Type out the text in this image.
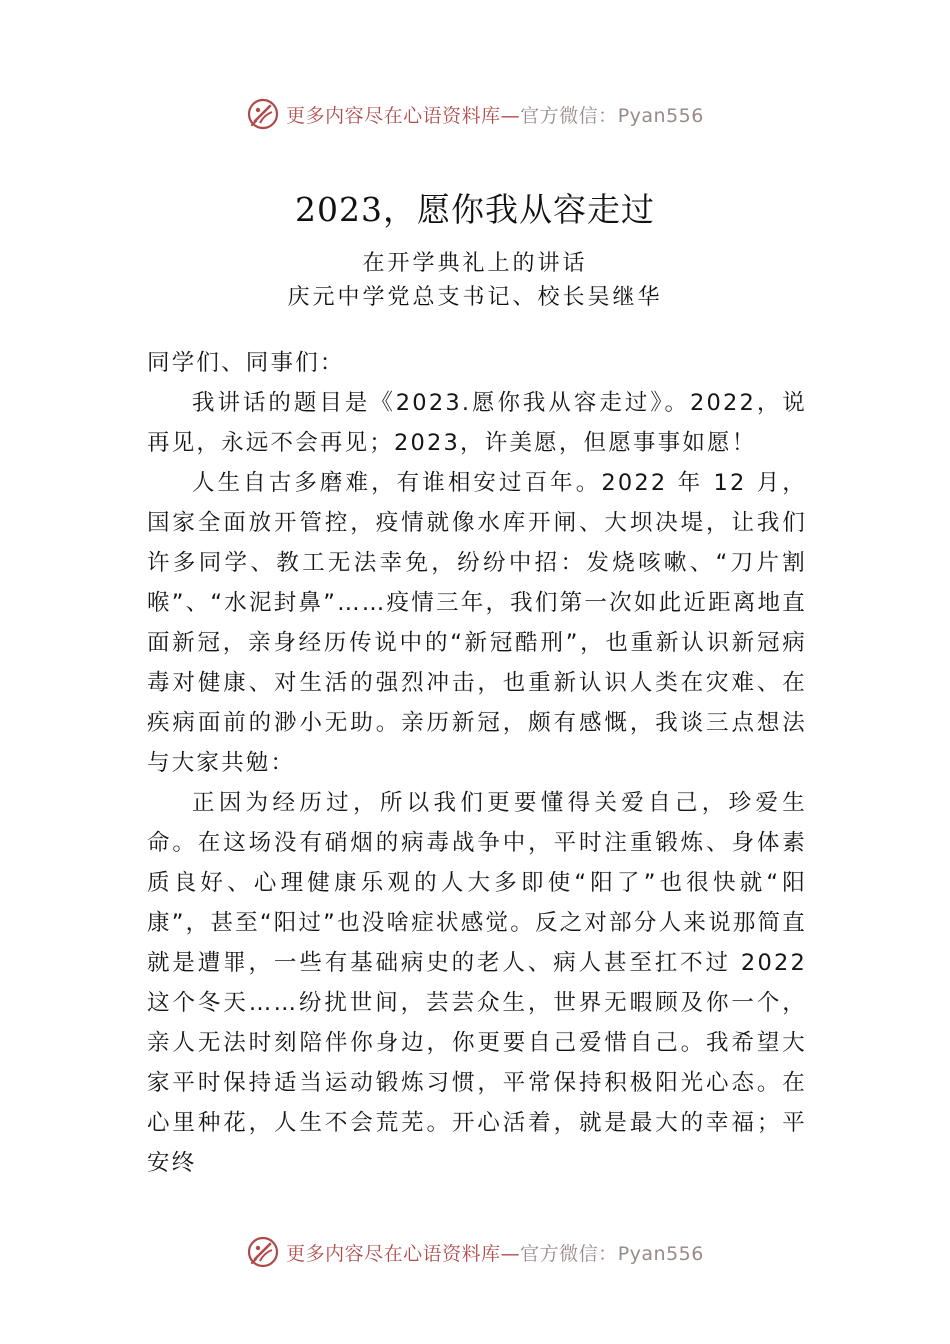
更多内容尽在心语资料库—官方微信：Pyan556
2023，愿你我从容走过
在开学典礼上的讲话
庆元中学党总支书记、校长吴继华

同学们、同事们：

我讲话的题目是《2023.愿你我从容走过》。2022，说再见，永远不会再见；2023，许美愿，但愿事事如愿！

人生自古多磨难，有谁相安过百年。2022 年 12 月，国家全面放开管控，疫情就像水库开闸、大坝决堤，让我们许多同学、教工无法幸免，纷纷中招：发烧咳嗽、“刀片割喉”、“水泥封鼻”……疫情三年，我们第一次如此近距离地直面新冠，亲身经历传说中的“新冠酷刑”，也重新认识新冠病毒对健康、对生活的强烈冲击，也重新认识人类在灾难、在疾病面前的渺小无助。亲历新冠，颇有感慨，我谈三点想法与大家共勉：

正因为经历过，所以我们更要懂得关爱自己，珍爱生命。在这场没有硝烟的病毒战争中，平时注重锻炼、身体素质良好、心理健康乐观的人大多即使“阳了”也很快就“阳康”，甚至“阳过”也没啥症状感觉。反之对部分人来说那简直就是遭罪，一些有基础病史的老人、病人甚至扛不过 2022 这个冬天……纷扰世间，芸芸众生，世界无暇顾及你一个，亲人无法时刻陪伴你身边，你更要自己爱惜自己。我希望大家平时保持适当运动锻炼习惯，平常保持积极阳光心态。在心里种花，人生不会荒芜。开心活着，就是最大的幸福；平安终

更多内容尽在心语资料库—官方微信：Pyan556
